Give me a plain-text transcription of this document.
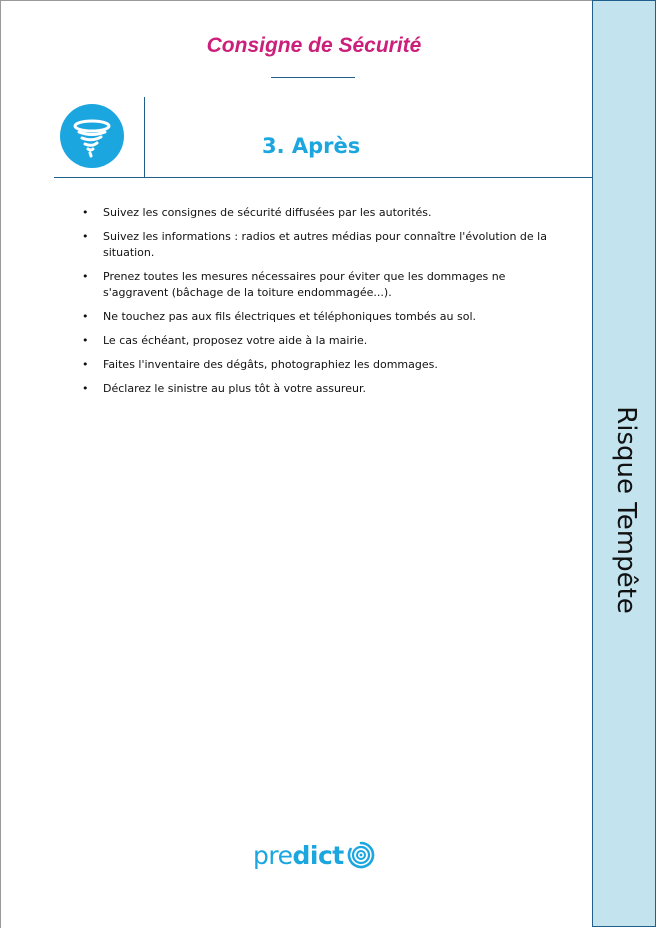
Consigne de Sécurité
3. Après
• Suivez les consignes de sécurité diffusées par les autorités.
• Suivez les informations : radios et autres médias pour connaître l'évolution de la situation.
• Prenez toutes les mesures nécessaires pour éviter que les dommages ne s'aggravent (bâchage de la toiture endommagée...).
• Ne touchez pas aux fils électriques et téléphoniques tombés au sol.
• Le cas échéant, proposez votre aide à la mairie.
• Faites l'inventaire des dégâts, photographiez les dommages.
• Déclarez le sinistre au plus tôt à votre assureur.
pre dict
Risque Tempête
